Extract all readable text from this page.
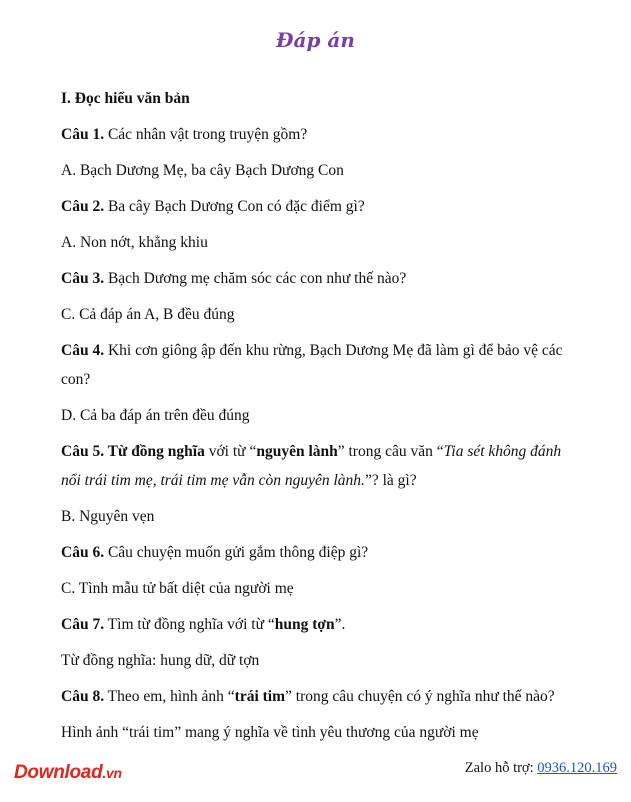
Đáp án

I. Đọc hiểu văn bản

Câu 1. Các nhân vật trong truyện gồm?

A. Bạch Dương Mẹ, ba cây Bạch Dương Con

Câu 2. Ba cây Bạch Dương Con có đặc điểm gì?

A. Non nớt, khẳng khiu

Câu 3. Bạch Dương mẹ chăm sóc các con như thế nào?

C. Cả đáp án A, B đều đúng

Câu 4. Khi cơn giông ập đến khu rừng, Bạch Dương Mẹ đã làm gì để bảo vệ các con?

D. Cả ba đáp án trên đều đúng

Câu 5. Từ đồng nghĩa với từ “nguyên lành” trong câu văn “Tia sét không đánh nổi trái tim mẹ, trái tim mẹ vẫn còn nguyên lành.”? là gì?

B. Nguyên vẹn

Câu 6. Câu chuyện muốn gửi gắm thông điệp gì?

C. Tình mẫu tử bất diệt của người mẹ

Câu 7. Tìm từ đồng nghĩa với từ “hung tợn”.

Từ đồng nghĩa: hung dữ, dữ tợn

Câu 8. Theo em, hình ảnh “trái tim” trong câu chuyện có ý nghĩa như thế nào?

Hình ảnh “trái tim” mang ý nghĩa về tình yêu thương của người mẹ

Download.vn	Zalo hỗ trợ: 0936.120.169
